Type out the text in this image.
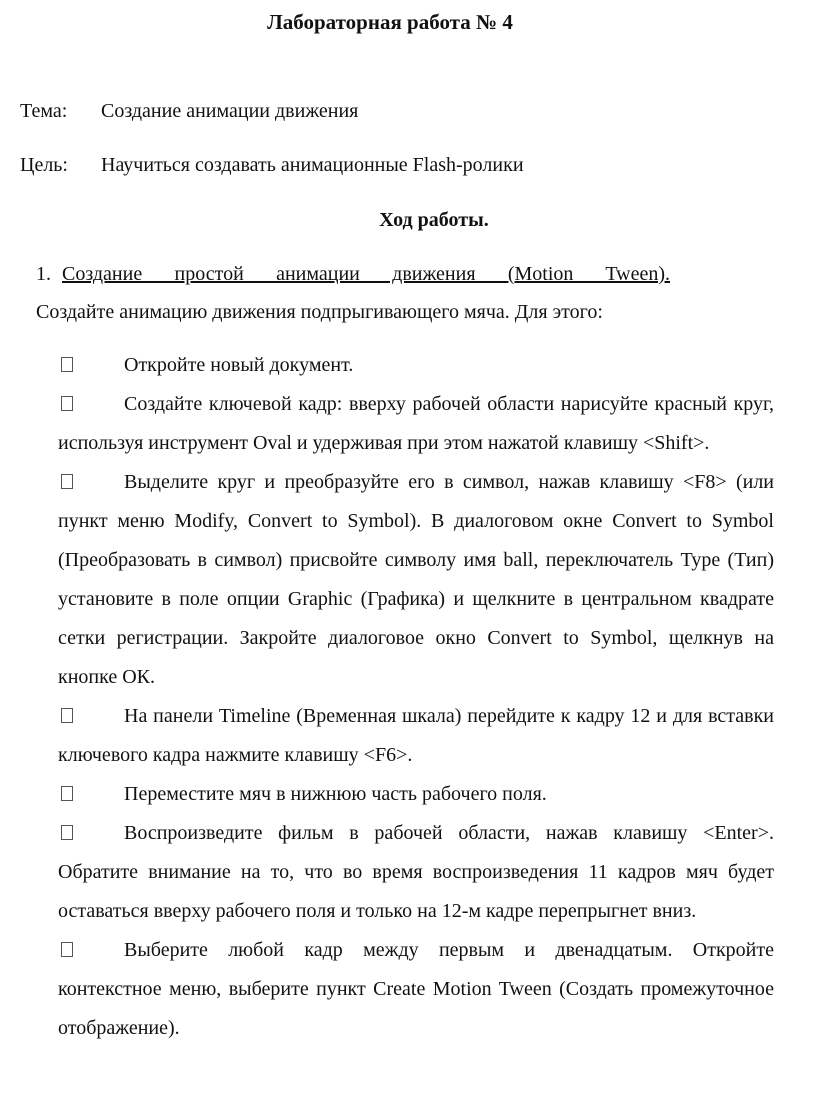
Лабораторная работа № 4
Тема: Создание анимации движения
Цель: Научиться создавать анимационные Flash-ролики
Ход работы.
1. Создание простой анимации движения (Motion Tween).
Создайте анимацию движения подпрыгивающего мяча. Для этого:
Откройте новый документ.
Создайте ключевой кадр: вверху рабочей области нарисуйте красный круг, используя инструмент Oval и удерживая при этом нажатой клавишу <Shift>.
Выделите круг и преобразуйте его в символ, нажав клавишу <F8> (или пункт меню Modify, Convert to Symbol). В диалоговом окне Convert to Symbol (Преобразовать в символ) присвойте символу имя ball, переключатель Type (Тип) установите в поле опции Graphic (Графика) и щелкните в центральном квадрате сетки регистрации. Закройте диалоговое окно Convert to Symbol, щелкнув на кнопке ОК.
На панели Timeline (Временная шкала) перейдите к кадру 12 и для вставки ключевого кадра нажмите клавишу <F6>.
Переместите мяч в нижнюю часть рабочего поля.
Воспроизведите фильм в рабочей области, нажав клавишу <Enter>. Обратите внимание на то, что во время воспроизведения 11 кадров мяч будет оставаться вверху рабочего поля и только на 12-м кадре перепрыгнет вниз.
Выберите любой кадр между первым и двенадцатым. Откройте контекстное меню, выберите пункт Create Motion Tween (Создать промежуточное отображение).
